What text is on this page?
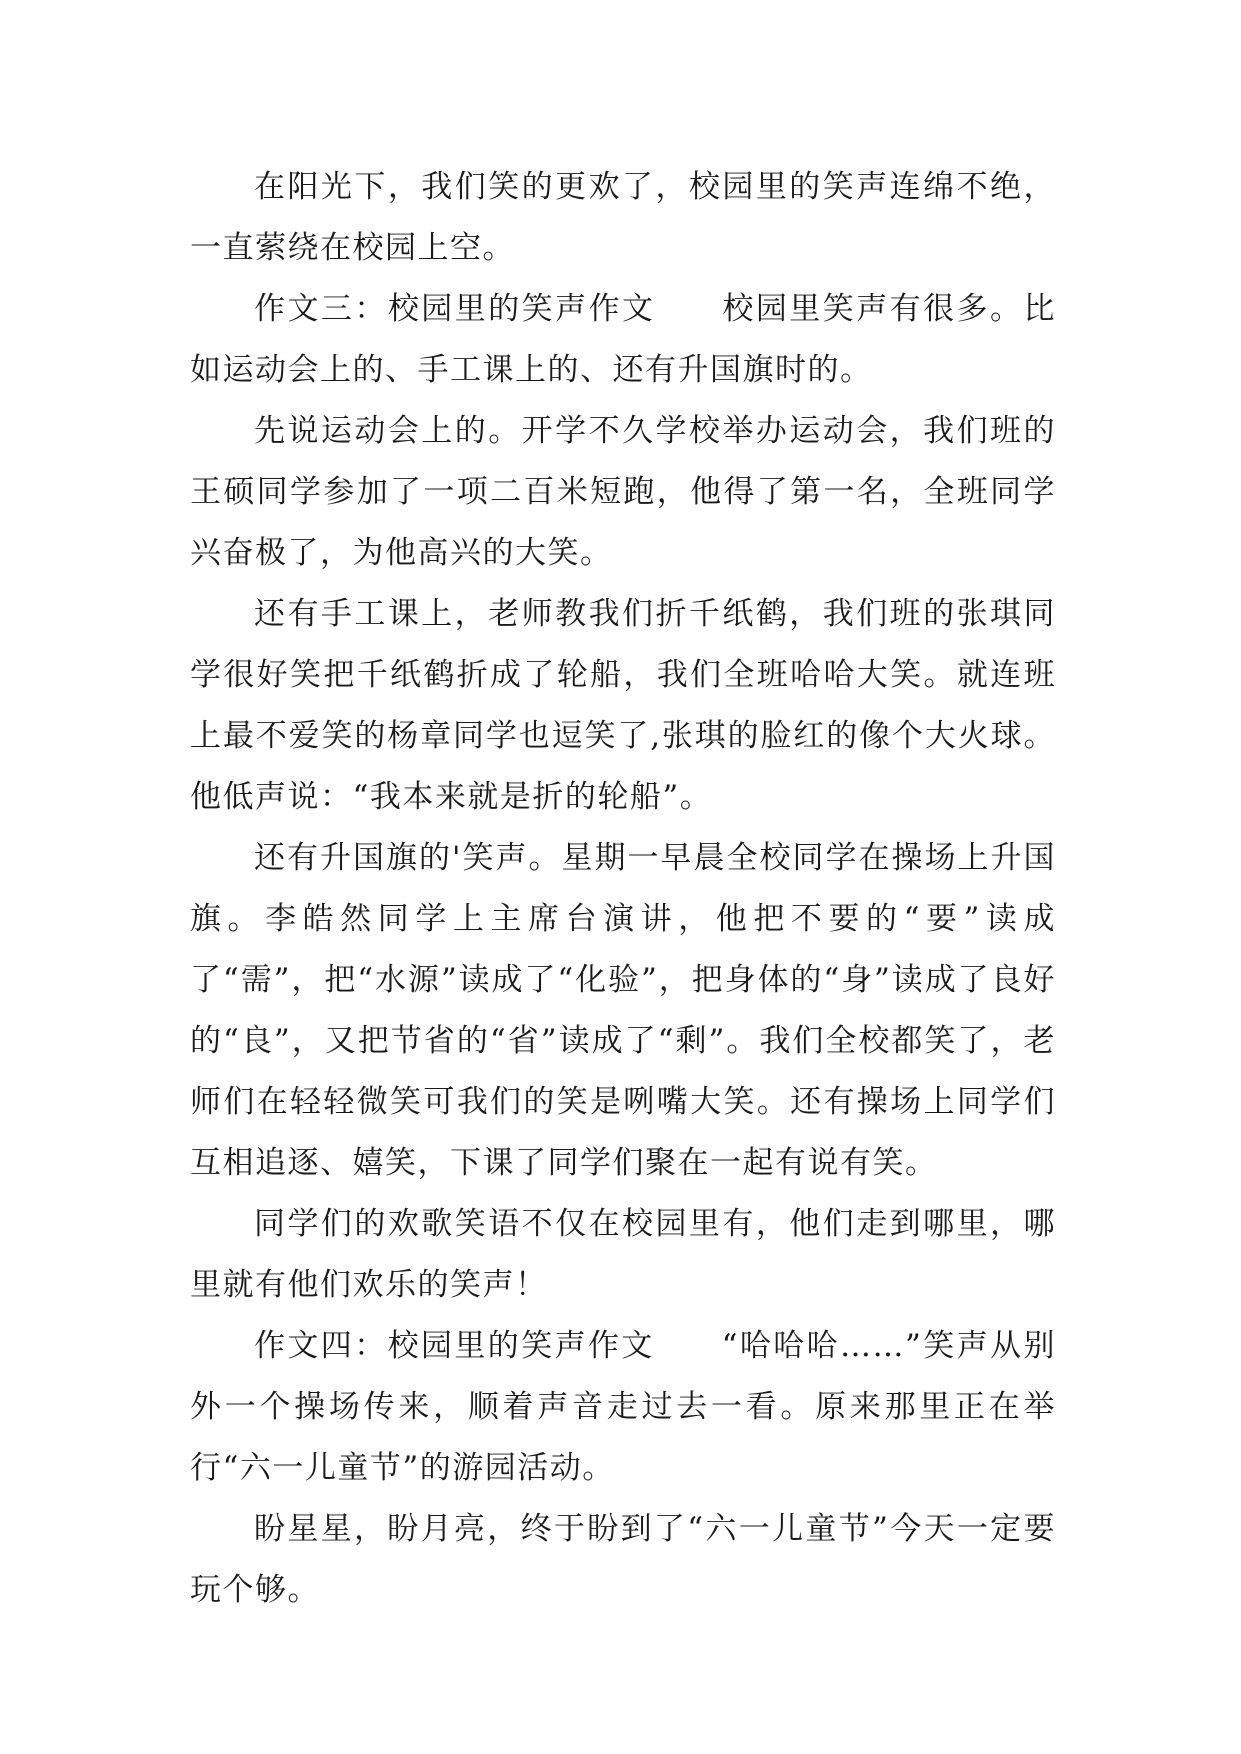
在阳光下，我们笑的更欢了，校园里的笑声连绵不绝，一直萦绕在校园上空。

作文三：校园里的笑声作文　　校园里笑声有很多。比如运动会上的、手工课上的、还有升国旗时的。

先说运动会上的。开学不久学校举办运动会，我们班的王硕同学参加了一项二百米短跑，他得了第一名，全班同学兴奋极了，为他高兴的大笑。

还有手工课上，老师教我们折千纸鹤，我们班的张琪同学很好笑把千纸鹤折成了轮船，我们全班哈哈大笑。就连班上最不爱笑的杨章同学也逗笑了,张琪的脸红的像个大火球。他低声说：“我本来就是折的轮船”。

还有升国旗的'笑声。星期一早晨全校同学在操场上升国旗。李皓然同学上主席台演讲，他把不要的“要”读成了“需”，把“水源”读成了“化验”，把身体的“身”读成了良好的“良”，又把节省的“省”读成了“剩”。我们全校都笑了，老师们在轻轻微笑可我们的笑是咧嘴大笑。还有操场上同学们互相追逐、嬉笑，下课了同学们聚在一起有说有笑。

同学们的欢歌笑语不仅在校园里有，他们走到哪里，哪里就有他们欢乐的笑声！

作文四：校园里的笑声作文　　“哈哈哈……”笑声从别外一个操场传来，顺着声音走过去一看。原来那里正在举行“六一儿童节”的游园活动。

盼星星，盼月亮，终于盼到了“六一儿童节”今天一定要玩个够。
